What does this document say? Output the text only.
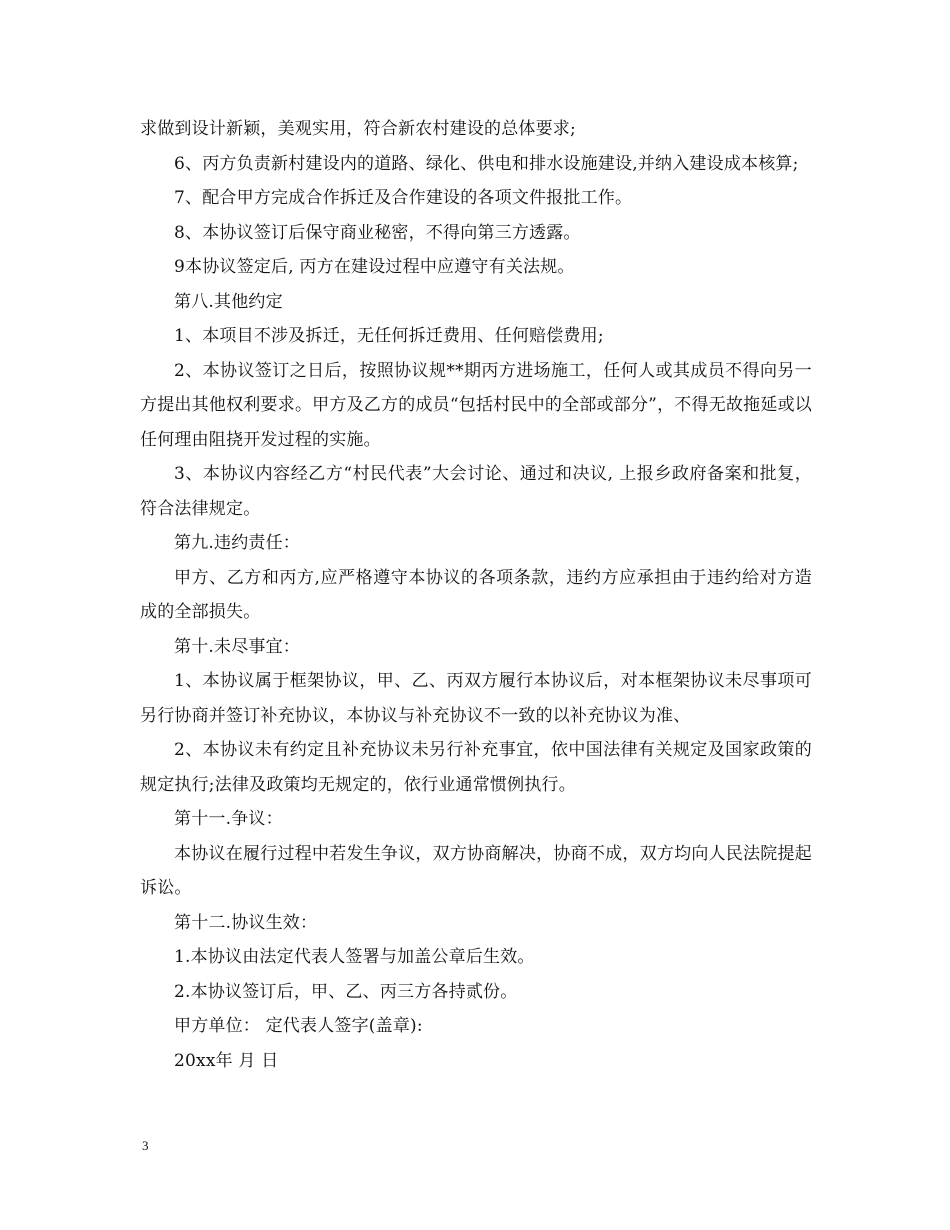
求做到设计新颖，美观实用，符合新农村建设的总体要求;

6、丙方负责新村建设内的道路、绿化、供电和排水设施建设,并纳入建设成本核算;

7、配合甲方完成合作拆迁及合作建设的各项文件报批工作。

8、本协议签订后保守商业秘密，不得向第三方透露。

9本协议签定后, 丙方在建设过程中应遵守有关法规。

第八.其他约定

1、本项目不涉及拆迁，无任何拆迁费用、任何赔偿费用;

2、本协议签订之日后，按照协议规**期丙方进场施工，任何人或其成员不得向另一方提出其他权利要求。甲方及乙方的成员“包括村民中的全部或部分”，不得无故拖延或以任何理由阻挠开发过程的实施。

3、本协议内容经乙方“村民代表”大会讨论、通过和决议, 上报乡政府备案和批复，符合法律规定。

第九.违约责任：

甲方、乙方和丙方,应严格遵守本协议的各项条款，违约方应承担由于违约给对方造成的全部损失。

第十.未尽事宜：

1、本协议属于框架协议，甲、乙、丙双方履行本协议后，对本框架协议未尽事项可另行协商并签订补充协议，本协议与补充协议不一致的以补充协议为准、

2、本协议未有约定且补充协议未另行补充事宜，依中国法律有关规定及国家政策的规定执行;法律及政策均无规定的，依行业通常惯例执行。

第十一.争议：

本协议在履行过程中若发生争议，双方协商解决，协商不成，双方均向人民法院提起诉讼。

第十二.协议生效：

1.本协议由法定代表人签署与加盖公章后生效。

2.本协议签订后，甲、乙、丙三方各持贰份。

甲方单位： 定代表人签字(盖章):

20xx年 月 日

3
